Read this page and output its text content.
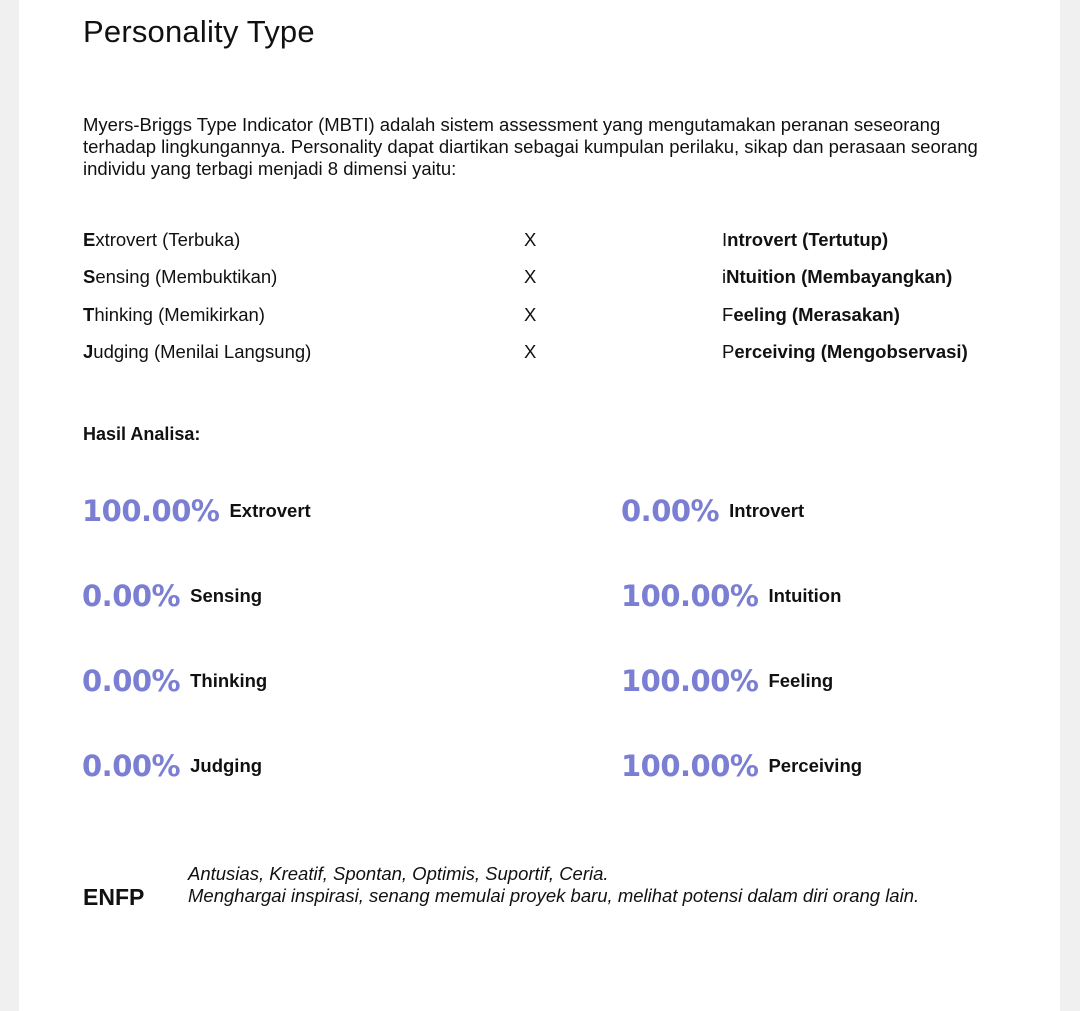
Personality Type
Myers-Briggs Type Indicator (MBTI) adalah sistem assessment yang mengutamakan peranan seseorang terhadap lingkungannya. Personality dapat diartikan sebagai kumpulan perilaku, sikap dan perasaan seorang individu yang terbagi menjadi 8 dimensi yaitu:
Extrovert (Terbuka)	X	Introvert (Tertutup)
Sensing (Membuktikan)	X	iNtuition (Membayangkan)
Thinking (Memikirkan)	X	Feeling (Merasakan)
Judging (Menilai Langsung)	X	Perceiving (Mengobservasi)
Hasil Analisa:
100.00% Extrovert	0.00% Introvert
0.00% Sensing	100.00% Intuition
0.00% Thinking	100.00% Feeling
0.00% Judging	100.00% Perceiving
ENFP
Antusias, Kreatif, Spontan, Optimis, Suportif, Ceria.
Menghargai inspirasi, senang memulai proyek baru, melihat potensi dalam diri orang lain.
